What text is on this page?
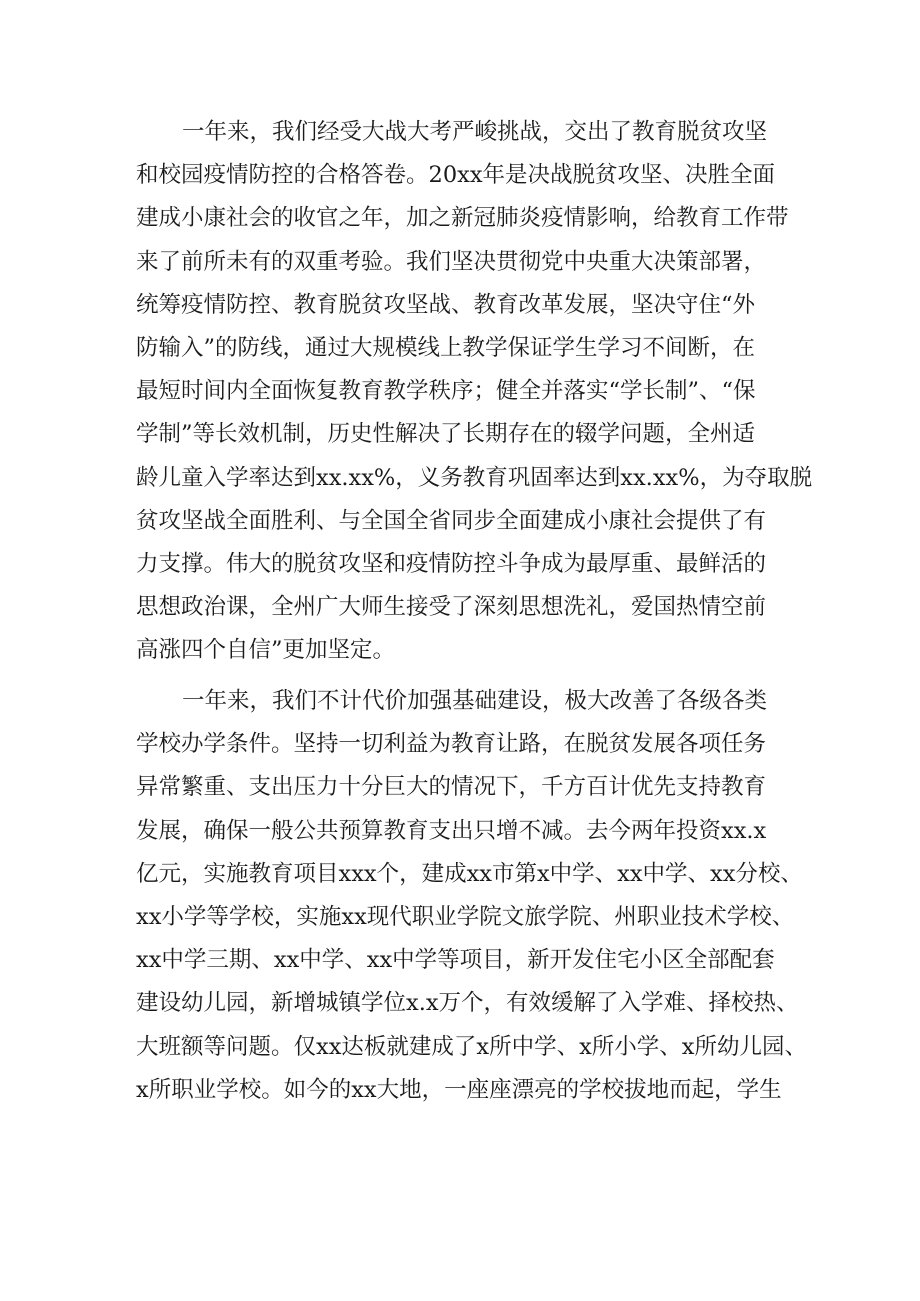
一年来，我们经受大战大考严峻挑战，交出了教育脱贫攻坚
和校园疫情防控的合格答卷。20xx年是决战脱贫攻坚、决胜全面
建成小康社会的收官之年，加之新冠肺炎疫情影响，给教育工作带
来了前所未有的双重考验。我们坚决贯彻党中央重大决策部署，
统筹疫情防控、教育脱贫攻坚战、教育改革发展，坚决守住“外
防输入”的防线，通过大规模线上教学保证学生学习不间断，在
最短时间内全面恢复教育教学秩序；健全并落实“学长制”、“保
学制”等长效机制，历史性解决了长期存在的辍学问题，全州适
龄儿童入学率达到xx.xx%，义务教育巩固率达到xx.xx%，为夺取脱
贫攻坚战全面胜利、与全国全省同步全面建成小康社会提供了有
力支撑。伟大的脱贫攻坚和疫情防控斗争成为最厚重、最鲜活的
思想政治课，全州广大师生接受了深刻思想洗礼，爱国热情空前
高涨四个自信”更加坚定。
一年来，我们不计代价加强基础建设，极大改善了各级各类
学校办学条件。坚持一切利益为教育让路，在脱贫发展各项任务
异常繁重、支出压力十分巨大的情况下，千方百计优先支持教育
发展，确保一般公共预算教育支出只增不减。去今两年投资xx.x
亿元，实施教育项目xxx个，建成xx市第x中学、xx中学、xx分校、
xx小学等学校，实施xx现代职业学院文旅学院、州职业技术学校、
xx中学三期、xx中学、xx中学等项目，新开发住宅小区全部配套
建设幼儿园，新增城镇学位x.x万个，有效缓解了入学难、择校热、
大班额等问题。仅xx达板就建成了x所中学、x所小学、x所幼儿园、
x所职业学校。如今的xx大地，一座座漂亮的学校拔地而起，学生
